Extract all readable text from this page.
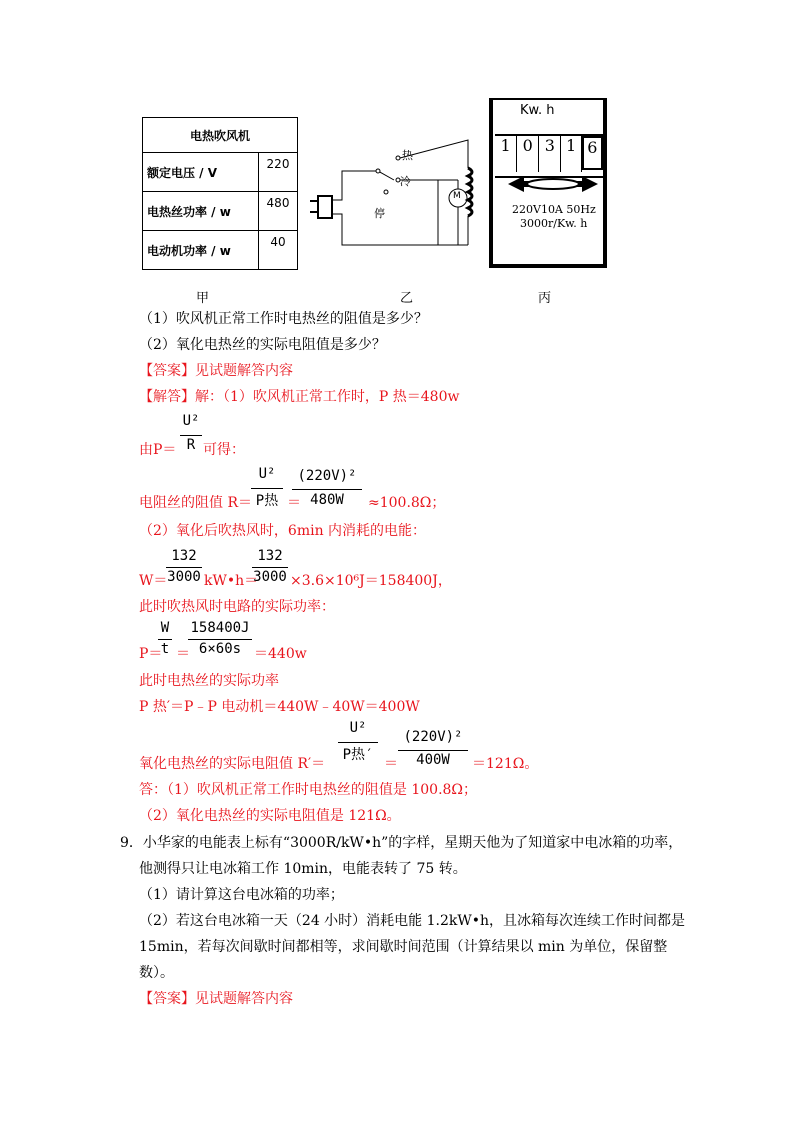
电热吹风机	
额定电压 / V	220
电热丝功率 / w	480
电动机功率 / w	40
M
热
冷
停
Kw. h
1 0 3 1 6
220V10A 50Hz
3000r/Kw. h
甲	乙	丙
（1）吹风机正常工作时电热丝的阻值是多少？
（2）氧化电热丝的实际电阻值是多少？
【答案】见试题解答内容
【解答】解：（1）吹风机正常工作时，P 热＝480w
由P＝
U²
R 可得：
电阻丝的阻值 R＝
U²
P热 ＝
(220V)²
480W	≈100.8Ω；
（2）氧化后吹热风时，6min 内消耗的电能：
W＝
132
3000 kW•h＝
132
3000 ×3.6×10⁶J＝158400J，
此时吹热风时电路的实际功率：
P＝
W
t ＝
158400J
6×60s ＝440w
此时电热丝的实际功率
P 热′＝P﹣P 电动机＝440W﹣40W＝400W
氧化电热丝的实际电阻值 R′＝
U²
P热′
＝
(220V)²
400W	＝121Ω。
答：（1）吹风机正常工作时电热丝的阻值是 100.8Ω；
（2）氧化电热丝的实际电阻值是 121Ω。
9．小华家的电能表上标有“3000R/kW•h”的字样，星期天他为了知道家中电冰箱的功率，
他测得只让电冰箱工作 10min，电能表转了 75 转。
（1）请计算这台电冰箱的功率；
（2）若这台电冰箱一天（24 小时）消耗电能 1.2kW•h，且冰箱每次连续工作时间都是
15min，若每次间歇时间都相等，求间歇时间范围（计算结果以 min 为单位，保留整
数）。
【答案】见试题解答内容
